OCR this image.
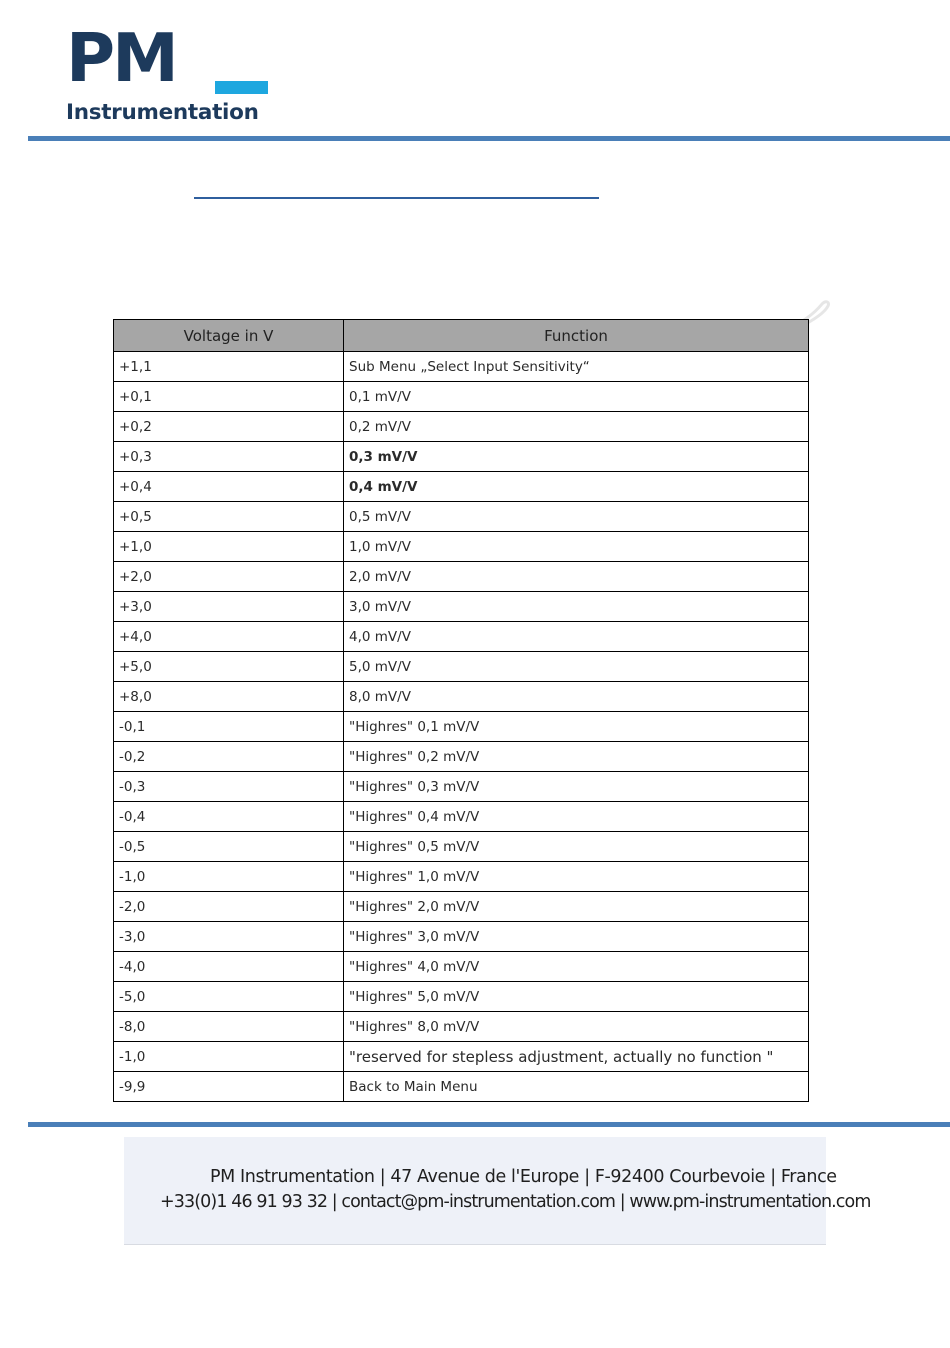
PM
Instrumentation
Voltage in V	Function
+1,1	Sub Menu „Select Input Sensitivity“
+0,1	0,1 mV/V
+0,2	0,2 mV/V
+0,3	0,3 mV/V
+0,4	0,4 mV/V
+0,5	0,5 mV/V
+1,0	1,0 mV/V
+2,0	2,0 mV/V
+3,0	3,0 mV/V
+4,0	4,0 mV/V
+5,0	5,0 mV/V
+8,0	8,0 mV/V
-0,1	"Highres" 0,1 mV/V
-0,2	"Highres" 0,2 mV/V
-0,3	"Highres" 0,3 mV/V
-0,4	"Highres" 0,4 mV/V
-0,5	"Highres" 0,5 mV/V
-1,0	"Highres" 1,0 mV/V
-2,0	"Highres" 2,0 mV/V
-3,0	"Highres" 3,0 mV/V
-4,0	"Highres" 4,0 mV/V
-5,0	"Highres" 5,0 mV/V
-8,0	"Highres" 8,0 mV/V
-1,0	"reserved for stepless adjustment, actually no function "
-9,9	Back to Main Menu
PM Instrumentation | 47 Avenue de l'Europe | F-92400 Courbevoie | France
+33(0)1 46 91 93 32 | contact@pm-instrumentation.com | www.pm-instrumentation.com
